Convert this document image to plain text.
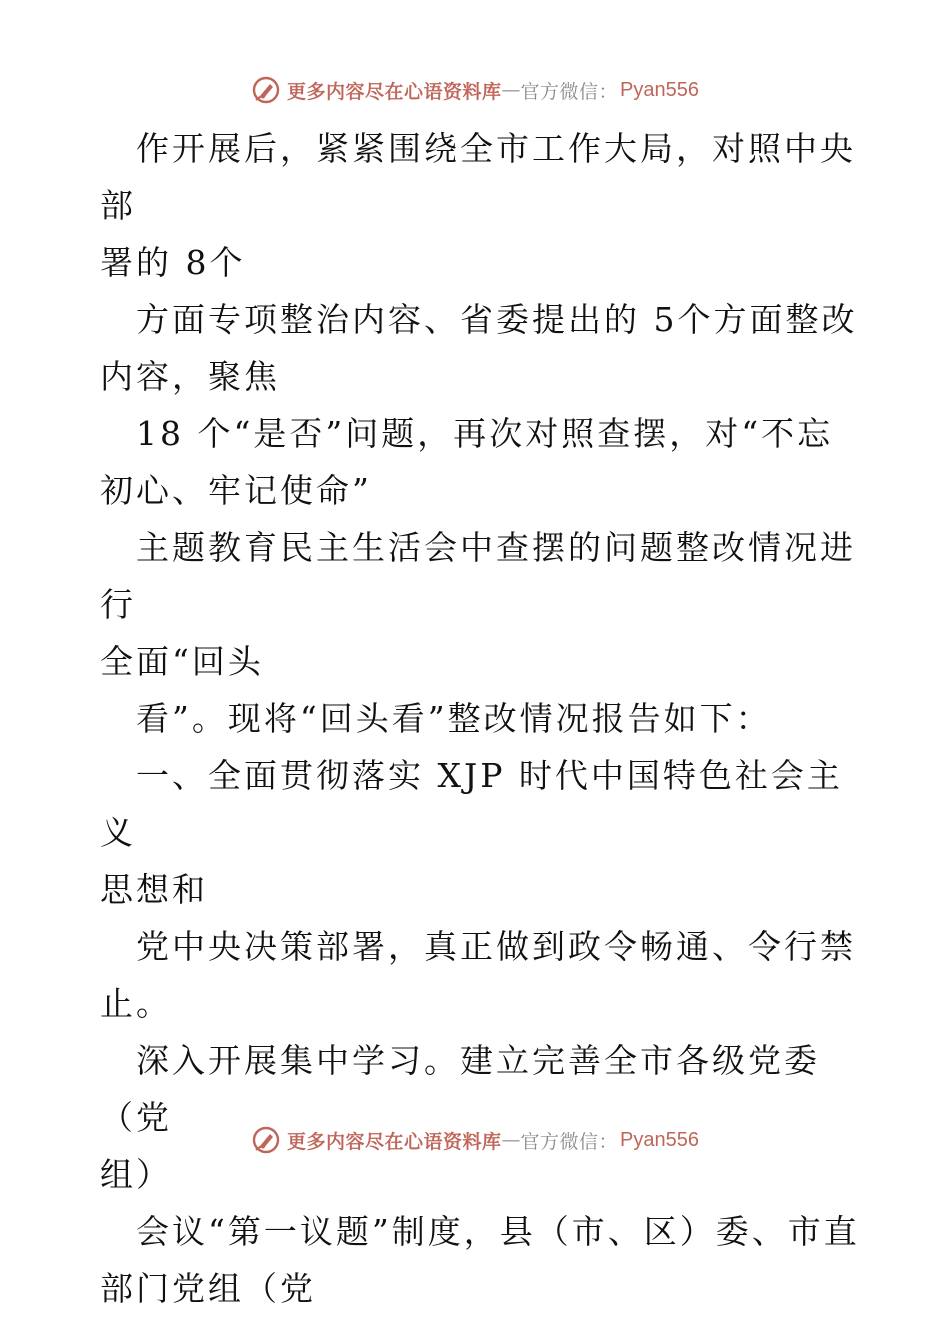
更多内容尽在心语资料库 — 官方微信： Pyan556

作开展后，紧紧围绕全市工作大局，对照中央部

署的 8个

方面专项整治内容、省委提出的 5个方面整改

内容，聚焦

18 个“是否”问题，再次对照查摆，对“不忘

初心、牢记使命”

主题教育民主生活会中查摆的问题整改情况进行

全面“回头

看”。现将“回头看”整改情况报告如下：

一、全面贯彻落实 XJP 时代中国特色社会主义

思想和

党中央决策部署，真正做到政令畅通、令行禁

止。

深入开展集中学习。建立完善全市各级党委（党

组）

会议“第一议题”制度，县（市、区）委、市直

部门党组（党

更多内容尽在心语资料库 — 官方微信： Pyan556
